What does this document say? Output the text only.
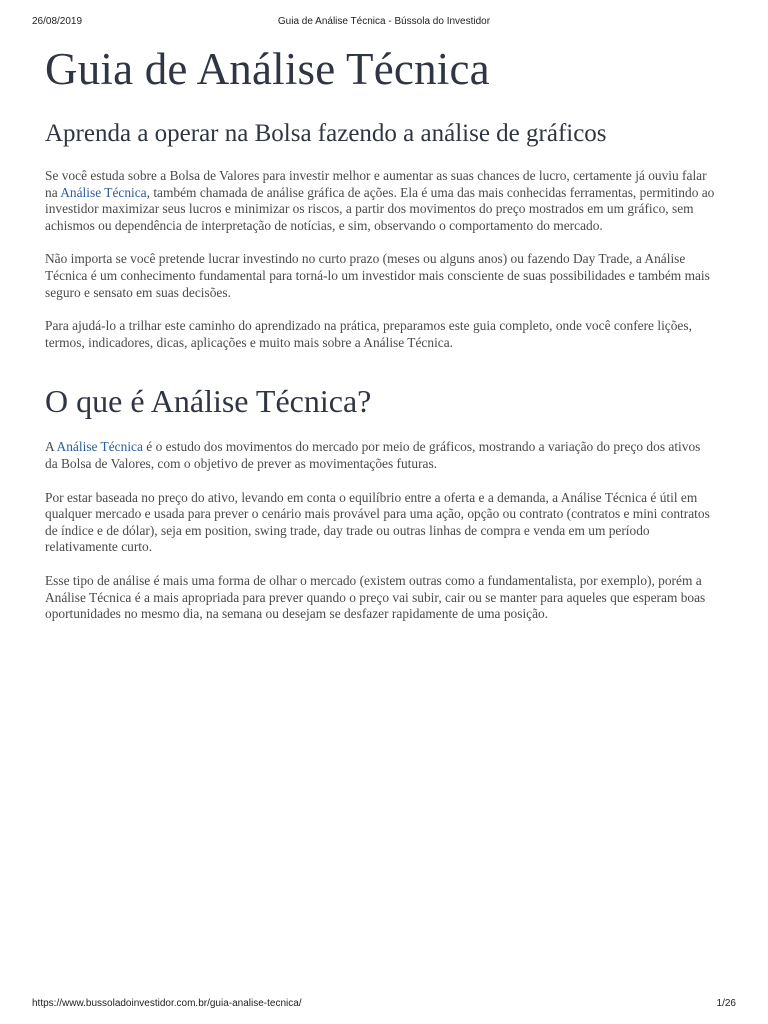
26/08/2019	Guia de Análise Técnica - Bússola do Investidor
Guia de Análise Técnica
Aprenda a operar na Bolsa fazendo a análise de gráficos

Se você estuda sobre a Bolsa de Valores para investir melhor e aumentar as suas chances de lucro, certamente já ouviu falar na Análise Técnica, também chamada de análise gráfica de ações. Ela é uma das mais conhecidas ferramentas, permitindo ao investidor maximizar seus lucros e minimizar os riscos, a partir dos movimentos do preço mostrados em um gráfico, sem achismos ou dependência de interpretação de notícias, e sim, observando o comportamento do mercado.

Não importa se você pretende lucrar investindo no curto prazo (meses ou alguns anos) ou fazendo Day Trade, a Análise Técnica é um conhecimento fundamental para torná-lo um investidor mais consciente de suas possibilidades e também mais seguro e sensato em suas decisões.

Para ajudá-lo a trilhar este caminho do aprendizado na prática, preparamos este guia completo, onde você confere lições, termos, indicadores, dicas, aplicações e muito mais sobre a Análise Técnica.

O que é Análise Técnica?

A Análise Técnica é o estudo dos movimentos do mercado por meio de gráficos, mostrando a variação do preço dos ativos da Bolsa de Valores, com o objetivo de prever as movimentações futuras.

Por estar baseada no preço do ativo, levando em conta o equilíbrio entre a oferta e a demanda, a Análise Técnica é útil em qualquer mercado e usada para prever o cenário mais provável para uma ação, opção ou contrato (contratos e mini contratos de índice e de dólar), seja em position, swing trade, day trade ou outras linhas de compra e venda em um período relativamente curto.

Esse tipo de análise é mais uma forma de olhar o mercado (existem outras como a fundamentalista, por exemplo), porém a Análise Técnica é a mais apropriada para prever quando o preço vai subir, cair ou se manter para aqueles que esperam boas oportunidades no mesmo dia, na semana ou desejam se desfazer rapidamente de uma posição.

https://www.bussoladoinvestidor.com.br/guia-analise-tecnica/	1/26
